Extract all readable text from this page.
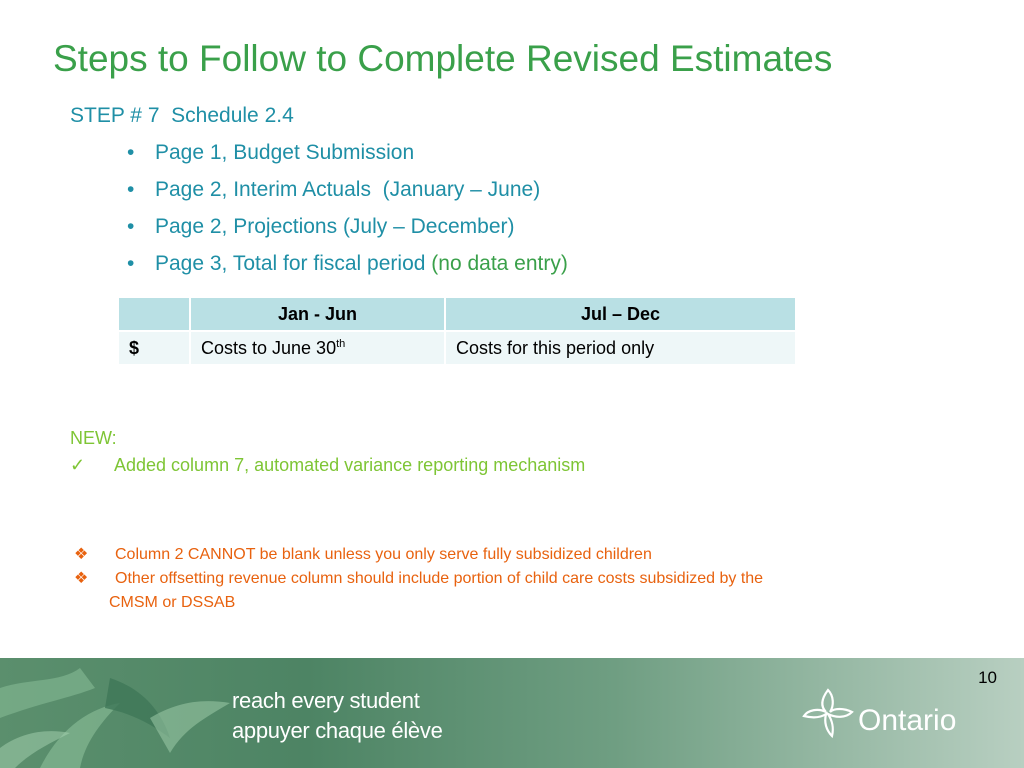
Steps to Follow to Complete Revised Estimates
STEP # 7  Schedule 2.4
• Page 1, Budget Submission
• Page 2, Interim Actuals  (January – June)
• Page 2, Projections (July – December)
• Page 3, Total for fiscal period (no data entry)
	Jan - Jun	Jul – Dec
$	Costs to June 30th	Costs for this period only
NEW:
✓ Added column 7, automated variance reporting mechanism
❖ Column 2 CANNOT be blank unless you only serve fully subsidized children
❖ Other offsetting revenue column should include portion of child care costs subsidized by the
CMSM or DSSAB
10
reach every student
appuyer chaque élève	Ontario
